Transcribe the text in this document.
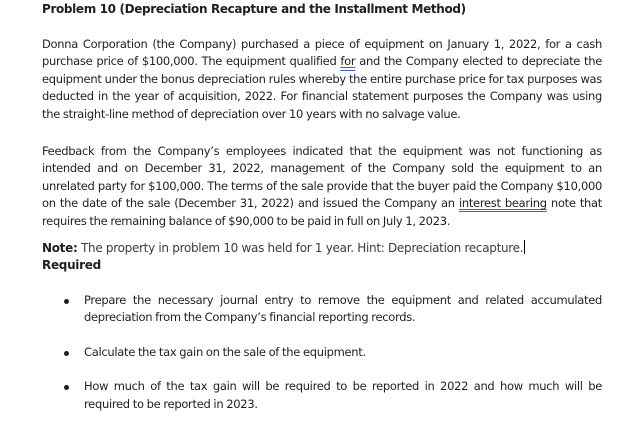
Problem 10 (Depreciation Recapture and the Installment Method)
Donna Corporation (the Company) purchased a piece of equipment on January 1, 2022, for a cash purchase price of $100,000. The equipment qualified for and the Company elected to depreciate the equipment under the bonus depreciation rules whereby the entire purchase price for tax purposes was deducted in the year of acquisition, 2022. For financial statement purposes the Company was using the straight-line method of depreciation over 10 years with no salvage value.
Feedback from the Company’s employees indicated that the equipment was not functioning as intended and on December 31, 2022, management of the Company sold the equipment to an unrelated party for $100,000. The terms of the sale provide that the buyer paid the Company $10,000 on the date of the sale (December 31, 2022) and issued the Company an interest bearing note that requires the remaining balance of $90,000 to be paid in full on July 1, 2023.
Note: The property in problem 10 was held for 1 year. Hint: Depreciation recapture.
Required
Prepare the necessary journal entry to remove the equipment and related accumulated depreciation from the Company’s financial reporting records.
Calculate the tax gain on the sale of the equipment.
How much of the tax gain will be required to be reported in 2022 and how much will be required to be reported in 2023.
